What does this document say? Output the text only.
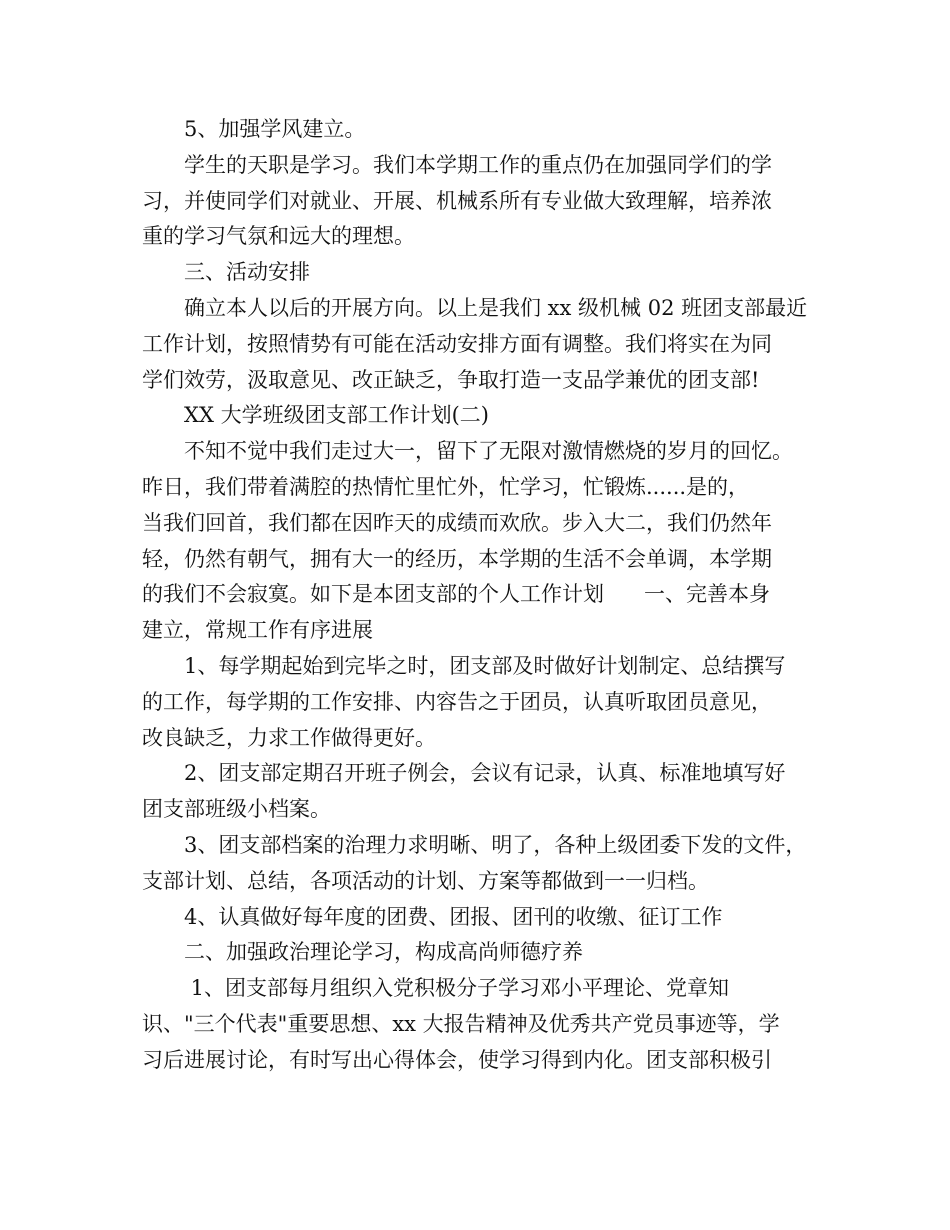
5、加强学风建立。
学生的天职是学习。我们本学期工作的重点仍在加强同学们的学
习，并使同学们对就业、开展、机械系所有专业做大致理解，培养浓
重的学习气氛和远大的理想。
三、活动安排
确立本人以后的开展方向。以上是我们 xx 级机械 02 班团支部最近
工作计划，按照情势有可能在活动安排方面有调整。我们将实在为同
学们效劳，汲取意见、改正缺乏，争取打造一支品学兼优的团支部!
XX 大学班级团支部工作计划(二)
不知不觉中我们走过大一，留下了无限对激情燃烧的岁月的回忆。
昨日，我们带着满腔的热情忙里忙外，忙学习，忙锻炼......是的，
当我们回首，我们都在因昨天的成绩而欢欣。步入大二，我们仍然年
轻，仍然有朝气，拥有大一的经历，本学期的生活不会单调，本学期
的我们不会寂寞。如下是本团支部的个人工作计划      一、完善本身
建立，常规工作有序进展
1、每学期起始到完毕之时，团支部及时做好计划制定、总结撰写
的工作，每学期的工作安排、内容告之于团员，认真听取团员意见，
改良缺乏，力求工作做得更好。
2、团支部定期召开班子例会，会议有记录，认真、标准地填写好
团支部班级小档案。
3、团支部档案的治理力求明晰、明了，各种上级团委下发的文件，
支部计划、总结，各项活动的计划、方案等都做到一一归档。
4、认真做好每年度的团费、团报、团刊的收缴、征订工作
二、加强政治理论学习，构成高尚师德疗养
1、团支部每月组织入党积极分子学习邓小平理论、党章知
识、"三个代表"重要思想、xx 大报告精神及优秀共产党员事迹等，学
习后进展讨论，有时写出心得体会，使学习得到内化。团支部积极引
